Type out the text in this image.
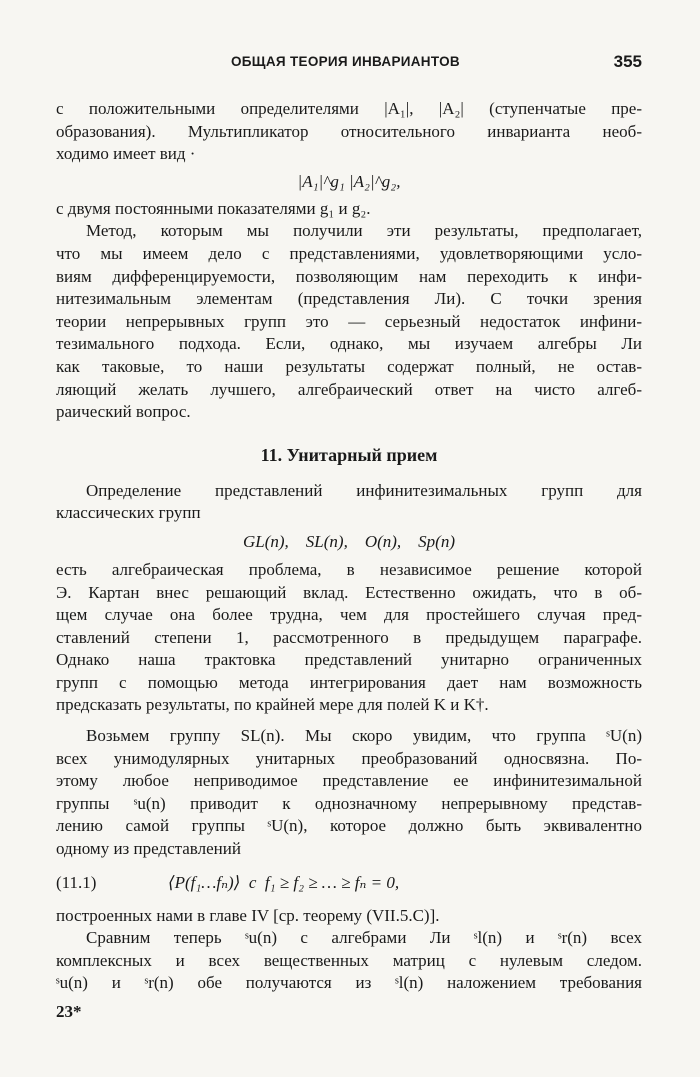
ОБЩАЯ ТЕОРИЯ ИНВАРИАНТОВ	355

с положительными определителями |A₁|, |A₂| (ступенчатые пре-

образования). Мультипликатор относительного инварианта необ-

ходимо имеет вид ·

|A₁|^g₁ |A₂|^g₂,

с двумя постоянными показателями g₁ и g₂.

Метод, которым мы получили эти результаты, предполагает,

что мы имеем дело с представлениями, удовлетворяющими усло-

виям дифференцируемости, позволяющим нам переходить к инфи-

нитезимальным элементам (представления Ли). С точки зрения

теории непрерывных групп это — серьезный недостаток инфини-

тезимального подхода. Если, однако, мы изучаем алгебры Ли

как таковые, то наши результаты содержат полный, не остав-

ляющий желать лучшего, алгебраический ответ на чисто алгеб-

раический вопрос.

11. Унитарный прием

Определение представлений инфинитезимальных групп для

классических групп

GL(n),    SL(n),    O(n),    Sp(n)

есть алгебраическая проблема, в независимое решение которой

Э. Картан внес решающий вклад. Естественно ожидать, что в об-

щем случае она более трудна, чем для простейшего случая пред-

ставлений степени 1, рассмотренного в предыдущем параграфе.

Однако наша трактовка представлений унитарно ограниченных

групп с помощью метода интегрирования дает нам возможность

предсказать результаты, по крайней мере для полей K и K†.

Возьмем группу SL(n). Мы скоро увидим, что группа ˢU(n)

всех унимодулярных унитарных преобразований односвязна. По-

этому любое неприводимое представление ее инфинитезимальной

группы ˢu(n) приводит к однозначному непрерывному представ-

лению самой группы ˢU(n), которое должно быть эквивалентно

одному из представлений

(11.1)	⟨P(f₁…fₙ)⟩  с  f₁ ≥ f₂ ≥ … ≥ fₙ = 0,

построенных нами в главе IV [ср. теорему (VII.5.C)].

Сравним теперь ˢu(n) с алгебрами Ли ˢl(n) и ˢr(n) всех

комплексных и всех вещественных матриц с нулевым следом.

ˢu(n) и ˢr(n) обе получаются из ˢl(n) наложением требования

23*
